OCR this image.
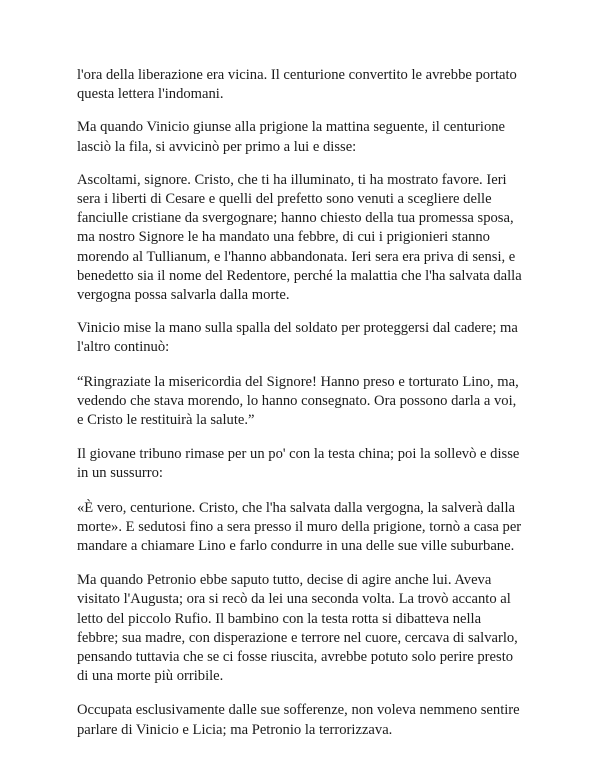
l'ora della liberazione era vicina. Il centurione convertito le avrebbe portato
questa lettera l'indomani.

Ma quando Vinicio giunse alla prigione la mattina seguente, il centurione
lasciò la fila, si avvicinò per primo a lui e disse:

Ascoltami, signore. Cristo, che ti ha illuminato, ti ha mostrato favore. Ieri
sera i liberti di Cesare e quelli del prefetto sono venuti a scegliere delle
fanciulle cristiane da svergognare; hanno chiesto della tua promessa sposa,
ma nostro Signore le ha mandato una febbre, di cui i prigionieri stanno
morendo al Tullianum, e l'hanno abbandonata. Ieri sera era priva di sensi, e
benedetto sia il nome del Redentore, perché la malattia che l'ha salvata dalla
vergogna possa salvarla dalla morte.

Vinicio mise la mano sulla spalla del soldato per proteggersi dal cadere; ma
l'altro continuò:

“Ringraziate la misericordia del Signore! Hanno preso e torturato Lino, ma,
vedendo che stava morendo, lo hanno consegnato. Ora possono darla a voi,
e Cristo le restituirà la salute.”

Il giovane tribuno rimase per un po' con la testa china; poi la sollevò e disse
in un sussurro:

«È vero, centurione. Cristo, che l'ha salvata dalla vergogna, la salverà dalla
morte». E sedutosi fino a sera presso il muro della prigione, tornò a casa per
mandare a chiamare Lino e farlo condurre in una delle sue ville suburbane.

Ma quando Petronio ebbe saputo tutto, decise di agire anche lui. Aveva
visitato l'Augusta; ora si recò da lei una seconda volta. La trovò accanto al
letto del piccolo Rufio. Il bambino con la testa rotta si dibatteva nella
febbre; sua madre, con disperazione e terrore nel cuore, cercava di salvarlo,
pensando tuttavia che se ci fosse riuscita, avrebbe potuto solo perire presto
di una morte più orribile.

Occupata esclusivamente dalle sue sofferenze, non voleva nemmeno sentire
parlare di Vinicio e Licia; ma Petronio la terrorizzava.
